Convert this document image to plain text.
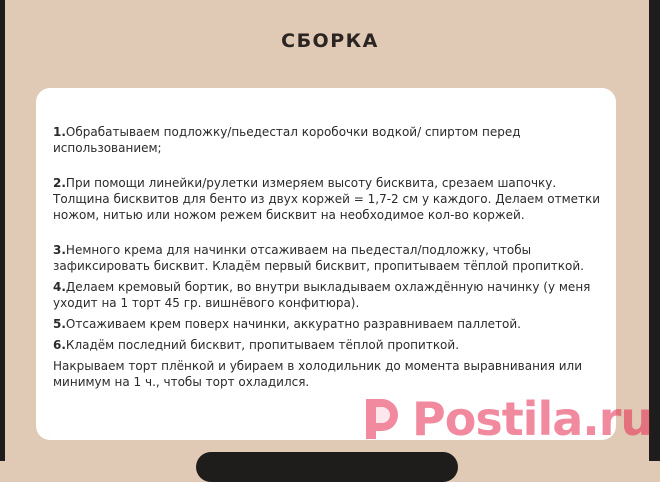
СБОРКА

1.Обрабатываем подложку/пьедестал коробочки водкой/ спиртом перед использованием;

2.При помощи линейки/рулетки измеряем высоту бисквита, срезаем шапочку. Толщина бисквитов для бенто из двух коржей = 1,7-2 см у каждого. Делаем отметки ножом, нитью или ножом режем бисквит на необходимое кол-во коржей.

3.Немного крема для начинки отсаживаем на пьедестал/подложку, чтобы зафиксировать бисквит. Кладём первый бисквит, пропитываем тёплой пропиткой.

4.Делаем кремовый бортик, во внутри выкладываем охлаждённую начинку (у меня уходит на 1 торт 45 гр. вишнёвого конфитюра).

5.Отсаживаем крем поверх начинки, аккуратно разравниваем паллетой.

6.Кладём последний бисквит, пропитываем тёплой пропиткой.

Накрываем торт плёнкой и убираем в холодильник до момента выравнивания или минимум на 1 ч., чтобы торт охладился.

Postila.ru
